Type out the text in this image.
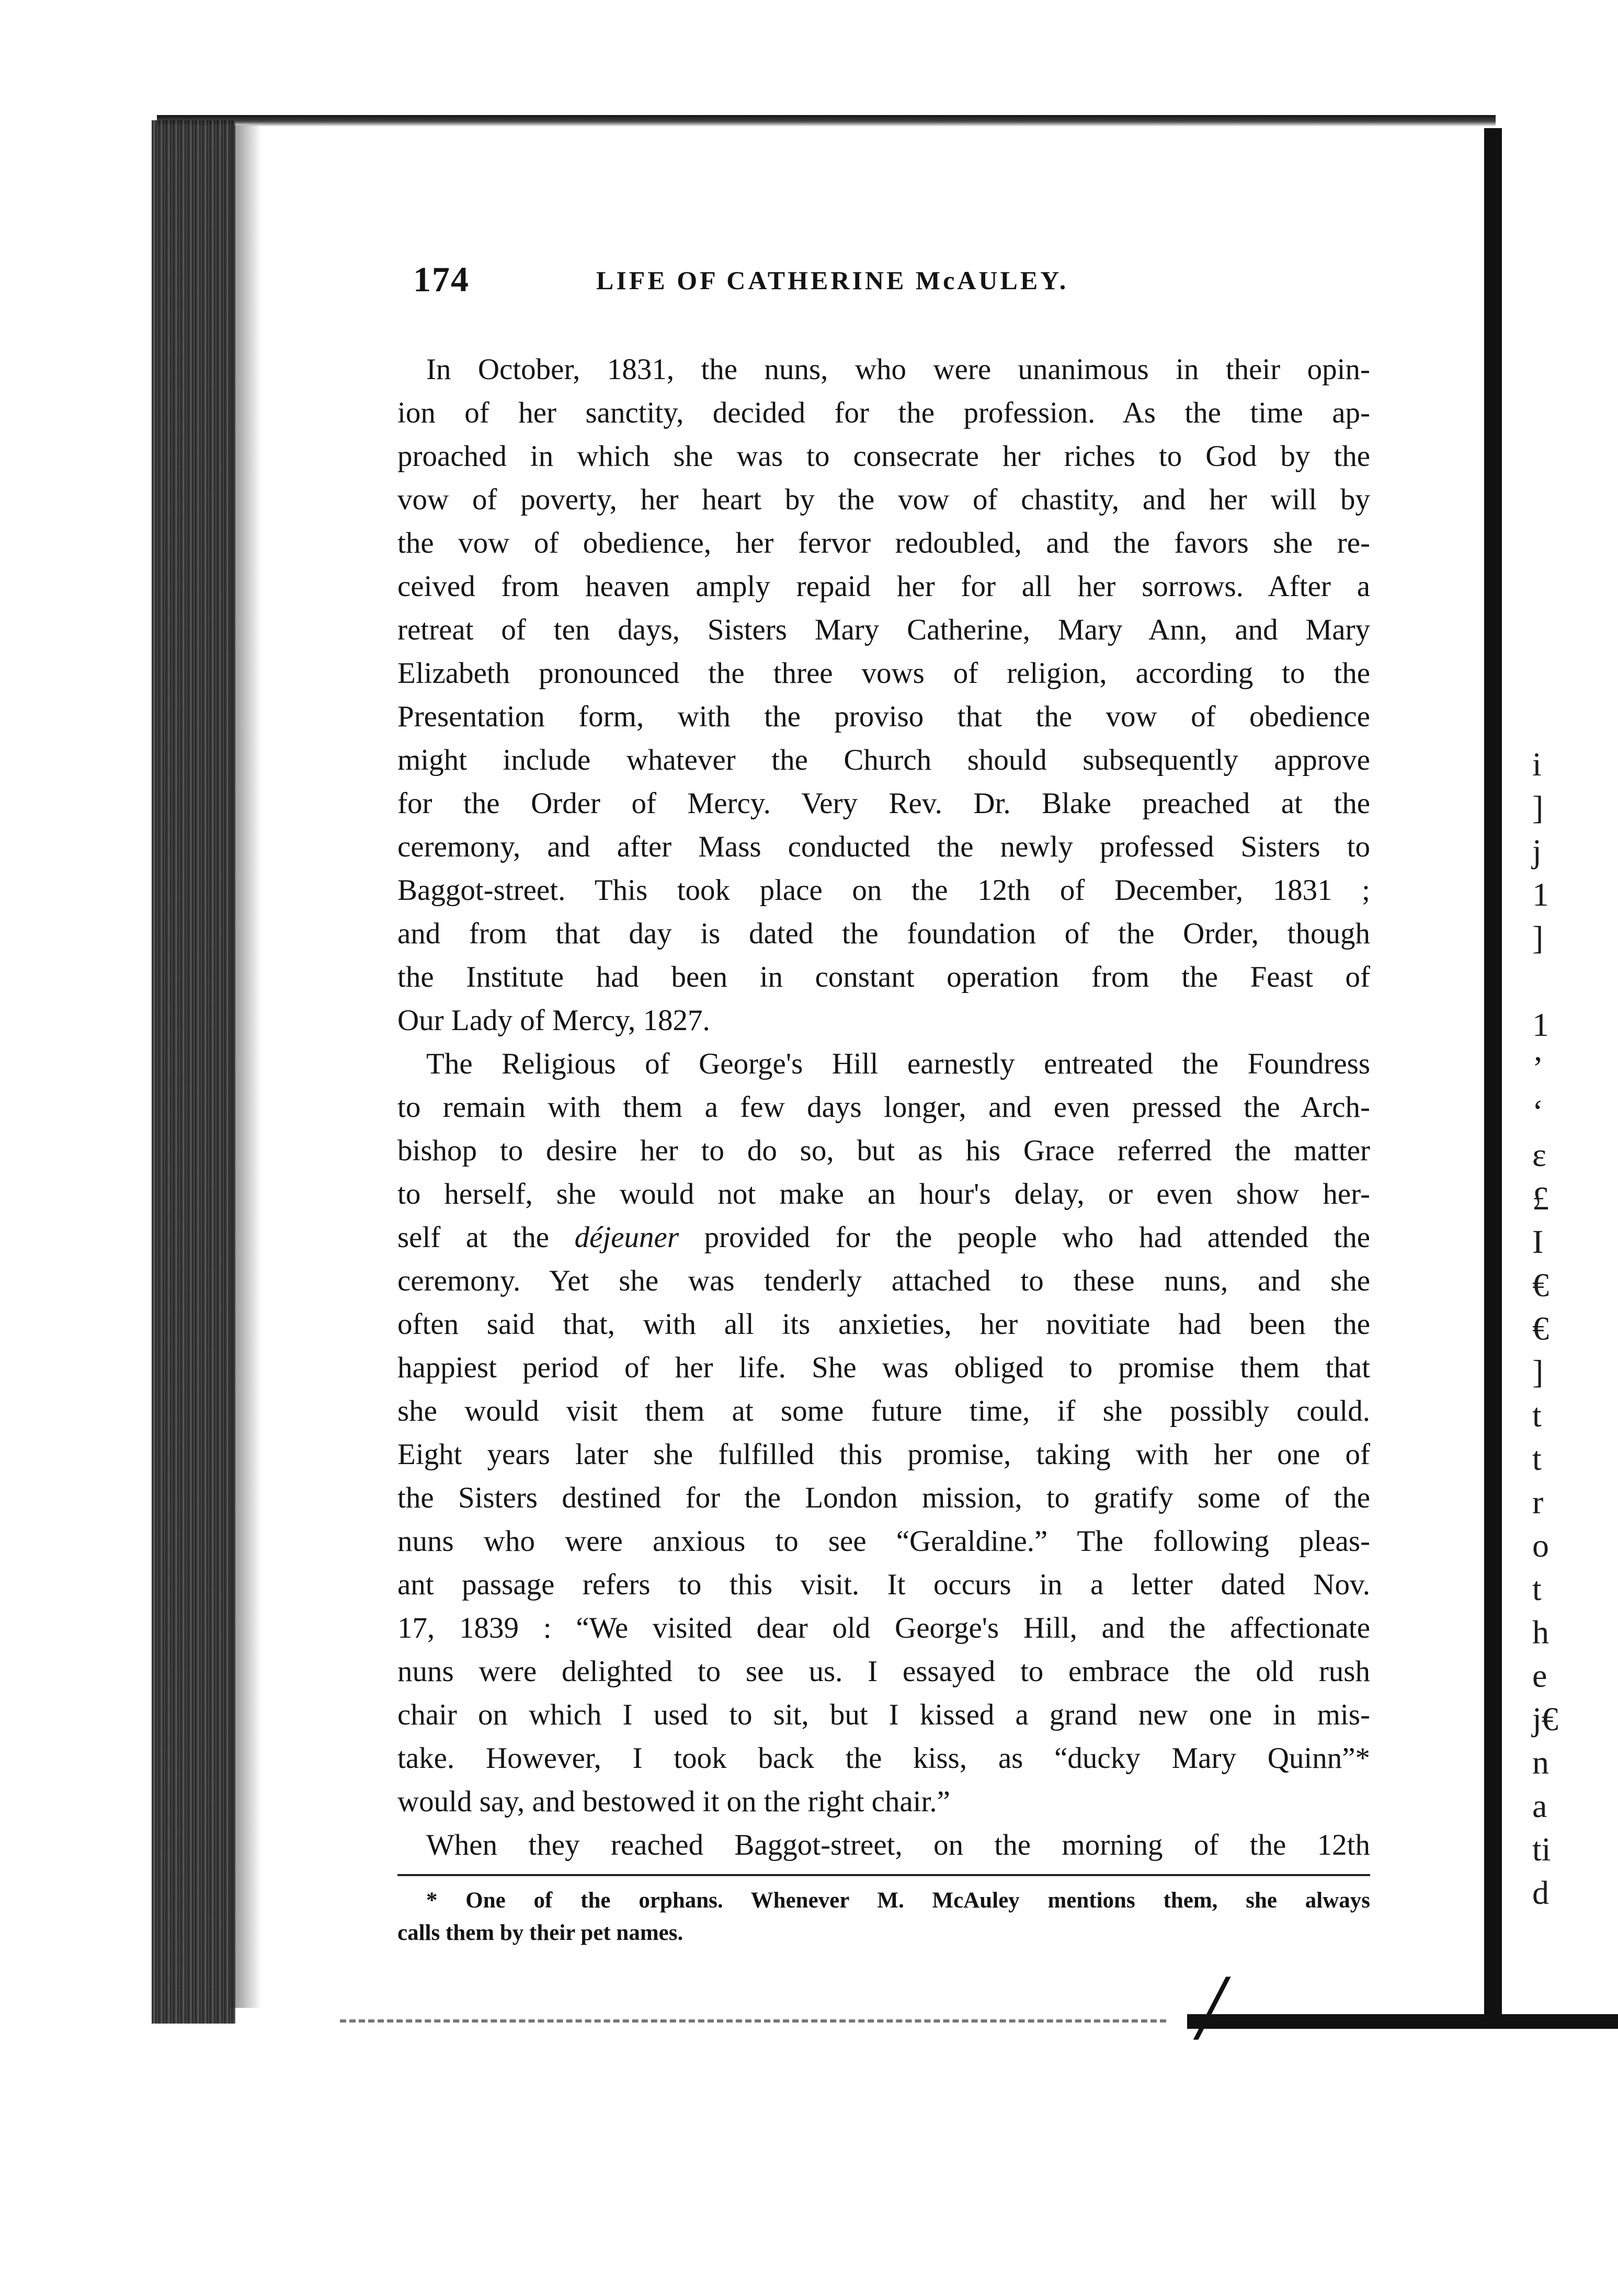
i
]
j
1
]

1
ʼ
‘
ε
£
I
€
€
]
t
t
r
o
t
h
e
j€
n
a
ti
d
174	LIFE OF CATHERINE McAULEY.
In October, 1831, the nuns, who were unanimous in their opin-
ion of her sanctity, decided for the profession. As the time ap-
proached in which she was to consecrate her riches to God by the
vow of poverty, her heart by the vow of chastity, and her will by
the vow of obedience, her fervor redoubled, and the favors she re-
ceived from heaven amply repaid her for all her sorrows. After a
retreat of ten days, Sisters Mary Catherine, Mary Ann, and Mary
Elizabeth pronounced the three vows of religion, according to the
Presentation form, with the proviso that the vow of obedience
might include whatever the Church should subsequently approve
for the Order of Mercy. Very Rev. Dr. Blake preached at the
ceremony, and after Mass conducted the newly professed Sisters to
Baggot-street. This took place on the 12th of December, 1831 ;
and from that day is dated the foundation of the Order, though
the Institute had been in constant operation from the Feast of
Our Lady of Mercy, 1827.
The Religious of George's Hill earnestly entreated the Foundress
to remain with them a few days longer, and even pressed the Arch-
bishop to desire her to do so, but as his Grace referred the matter
to herself, she would not make an hour's delay, or even show her-
self at the déjeuner provided for the people who had attended the
ceremony. Yet she was tenderly attached to these nuns, and she
often said that, with all its anxieties, her novitiate had been the
happiest period of her life. She was obliged to promise them that
she would visit them at some future time, if she possibly could.
Eight years later she fulfilled this promise, taking with her one of
the Sisters destined for the London mission, to gratify some of the
nuns who were anxious to see “Geraldine.” The following pleas-
ant passage refers to this visit. It occurs in a letter dated Nov.
17, 1839 : “We visited dear old George's Hill, and the affectionate
nuns were delighted to see us. I essayed to embrace the old rush
chair on which I used to sit, but I kissed a grand new one in mis-
take. However, I took back the kiss, as “ducky Mary Quinn”*
would say, and bestowed it on the right chair.”
When they reached Baggot-street, on the morning of the 12th
* One of the orphans. Whenever M. McAuley mentions them, she always
calls them by their pet names.
/
